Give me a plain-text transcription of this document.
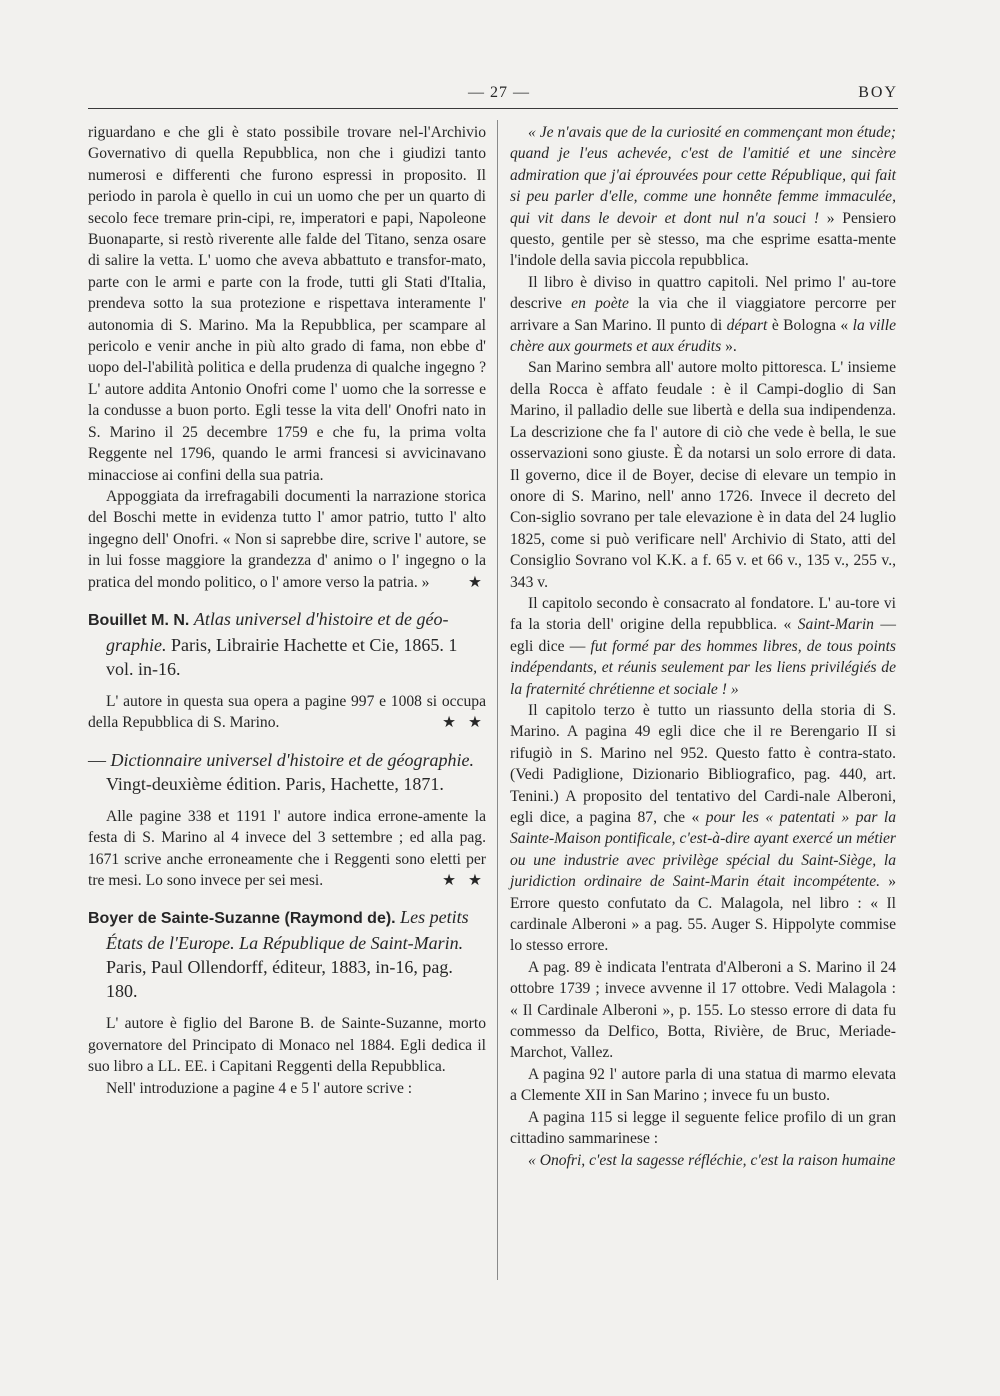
— 27 —	BOY

riguardano e che gli è stato possibile trovare nel-l'Archivio Governativo di quella Repubblica, non che i giudizi tanto numerosi e differenti che furono espressi in proposito. Il periodo in parola è quello in cui un uomo che per un quarto di secolo fece tremare prin-cipi, re, imperatori e papi, Napoleone Buonaparte, si restò riverente alle falde del Titano, senza osare di salire la vetta. L' uomo che aveva abbattuto e transfor-mato, parte con le armi e parte con la frode, tutti gli Stati d'Italia, prendeva sotto la sua protezione e rispettava interamente l' autonomia di S. Marino. Ma la Repubblica, per scampare al pericolo e venir anche in più alto grado di fama, non ebbe d' uopo del-l'abilità politica e della prudenza di qualche ingegno ? L' autore addita Antonio Onofri come l' uomo che la sorresse e la condusse a buon porto. Egli tesse la vita dell' Onofri nato in S. Marino il 25 decembre 1759 e che fu, la prima volta Reggente nel 1796, quando le armi francesi si avvicinavano minacciose ai confini della sua patria.

Appoggiata da irrefragabili documenti la narrazione storica del Boschi mette in evidenza tutto l' amor patrio, tutto l' alto ingegno dell' Onofri. « Non si saprebbe dire, scrive l' autore, se in lui fosse maggiore la grandezza d' animo o l' ingegno o la pratica del mondo politico, o l' amore verso la patria. »	★

Bouillet M. N. Atlas universel d'histoire et de géo-graphie. Paris, Librairie Hachette et Cie, 1865. 1 vol. in-16.

L' autore in questa sua opera a pagine 997 e 1008 si occupa della Repubblica di S. Marino.	★ ★

— Dictionnaire universel d'histoire et de géographie. Vingt-deuxième édition. Paris, Hachette, 1871.

Alle pagine 338 et 1191 l' autore indica errone-amente la festa di S. Marino al 4 invece del 3 settembre ; ed alla pag. 1671 scrive anche erroneamente che i Reggenti sono eletti per tre mesi. Lo sono invece per sei mesi.	★ ★

Boyer de Sainte-Suzanne (Raymond de). Les petits États de l'Europe. La République de Saint-Marin. Paris, Paul Ollendorff, éditeur, 1883, in-16, pag. 180.

L' autore è figlio del Barone B. de Sainte-Suzanne, morto governatore del Principato di Monaco nel 1884. Egli dedica il suo libro a LL. EE. i Capitani Reggenti della Repubblica.

Nell' introduzione a pagine 4 e 5 l' autore scrive :

« Je n'avais que de la curiosité en commençant mon étude; quand je l'eus achevée, c'est de l'amitié et une sincère admiration que j'ai éprouvées pour cette République, qui fait si peu parler d'elle, comme une honnête femme immaculée, qui vit dans le devoir et dont nul n'a souci ! » Pensiero questo, gentile per sè stesso, ma che esprime esatta-mente l'indole della savia piccola repubblica.

Il libro è diviso in quattro capitoli. Nel primo l' au-tore descrive en poète la via che il viaggiatore percorre per arrivare a San Marino. Il punto di départ è Bologna « la ville chère aux gourmets et aux érudits ».

San Marino sembra all' autore molto pittoresca. L' insieme della Rocca è affato feudale : è il Campi-doglio di San Marino, il palladio delle sue libertà e della sua indipendenza. La descrizione che fa l' autore di ciò che vede è bella, le sue osservazioni sono giuste. È da notarsi un solo errore di data. Il governo, dice il de Boyer, decise di elevare un tempio in onore di S. Marino, nell' anno 1726. Invece il decreto del Con-siglio sovrano per tale elevazione è in data del 24 luglio 1825, come si può verificare nell' Archivio di Stato, atti del Consiglio Sovrano vol K.K. a f. 65 v. et 66 v., 135 v., 255 v., 343 v.

Il capitolo secondo è consacrato al fondatore. L' au-tore vi fa la storia dell' origine della repubblica. « Saint-Marin — egli dice — fut formé par des hommes libres, de tous points indépendants, et réunis seulement par les liens privilégiés de la fraternité chrétienne et sociale ! »

Il capitolo terzo è tutto un riassunto della storia di S. Marino. A pagina 49 egli dice che il re Berengario II si rifugiò in S. Marino nel 952. Questo fatto è contra-stato. (Vedi Padiglione, Dizionario Bibliografico, pag. 440, art. Tenini.) A proposito del tentativo del Cardi-nale Alberoni, egli dice, a pagina 87, che « pour les « patentati » par la Sainte-Maison pontificale, c'est-à-dire ayant exercé un métier ou une industrie avec privilège spécial du Saint-Siège, la juridiction ordinaire de Saint-Marin était incompétente. » Errore questo confutato da C. Malagola, nel libro : « Il cardinale Alberoni » a pag. 55. Auger S. Hippolyte commise lo stesso errore.

A pag. 89 è indicata l'entrata d'Alberoni a S. Marino il 24 ottobre 1739 ; invece avvenne il 17 ottobre. Vedi Malagola : « Il Cardinale Alberoni », p. 155. Lo stesso errore di data fu commesso da Delfico, Botta, Rivière, de Bruc, Meriade-Marchot, Vallez.

A pagina 92 l' autore parla di una statua di marmo elevata a Clemente XII in San Marino ; invece fu un busto.

A pagina 115 si legge il seguente felice profilo di un gran cittadino sammarinese :

« Onofri, c'est la sagesse réfléchie, c'est la raison humaine
